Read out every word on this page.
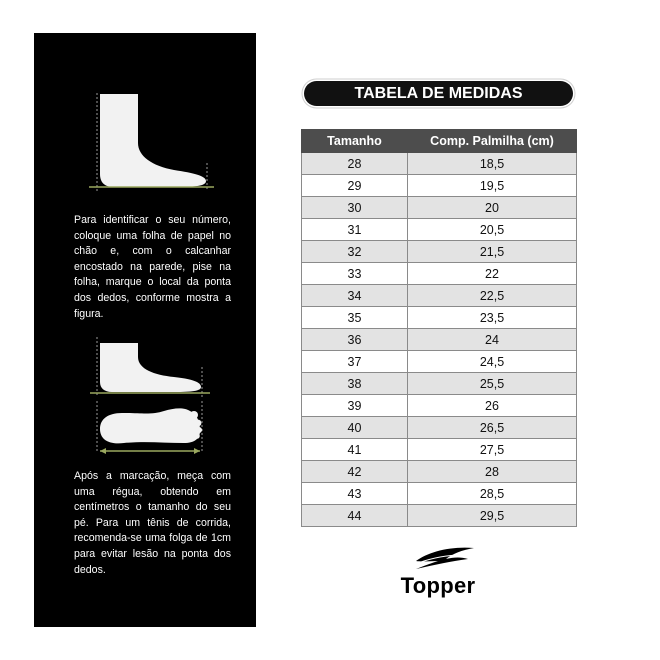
Para identificar o seu número, coloque uma folha de papel no chão e, com o calcanhar encostado na parede, pise na folha, marque o local da ponta dos dedos, conforme mostra a figura.

Após a marcação, meça com uma régua, obtendo em centímetros o tamanho do seu pé. Para um tênis de corrida, recomenda-se uma folga de 1cm para evitar lesão na ponta dos dedos.

TABELA DE MEDIDAS
Tamanho	Comp. Palmilha (cm)
28	18,5
29	19,5
30	20
31	20,5
32	21,5
33	22
34	22,5
35	23,5
36	24
37	24,5
38	25,5
39	26
40	26,5
41	27,5
42	28
43	28,5
44	29,5
Topper
